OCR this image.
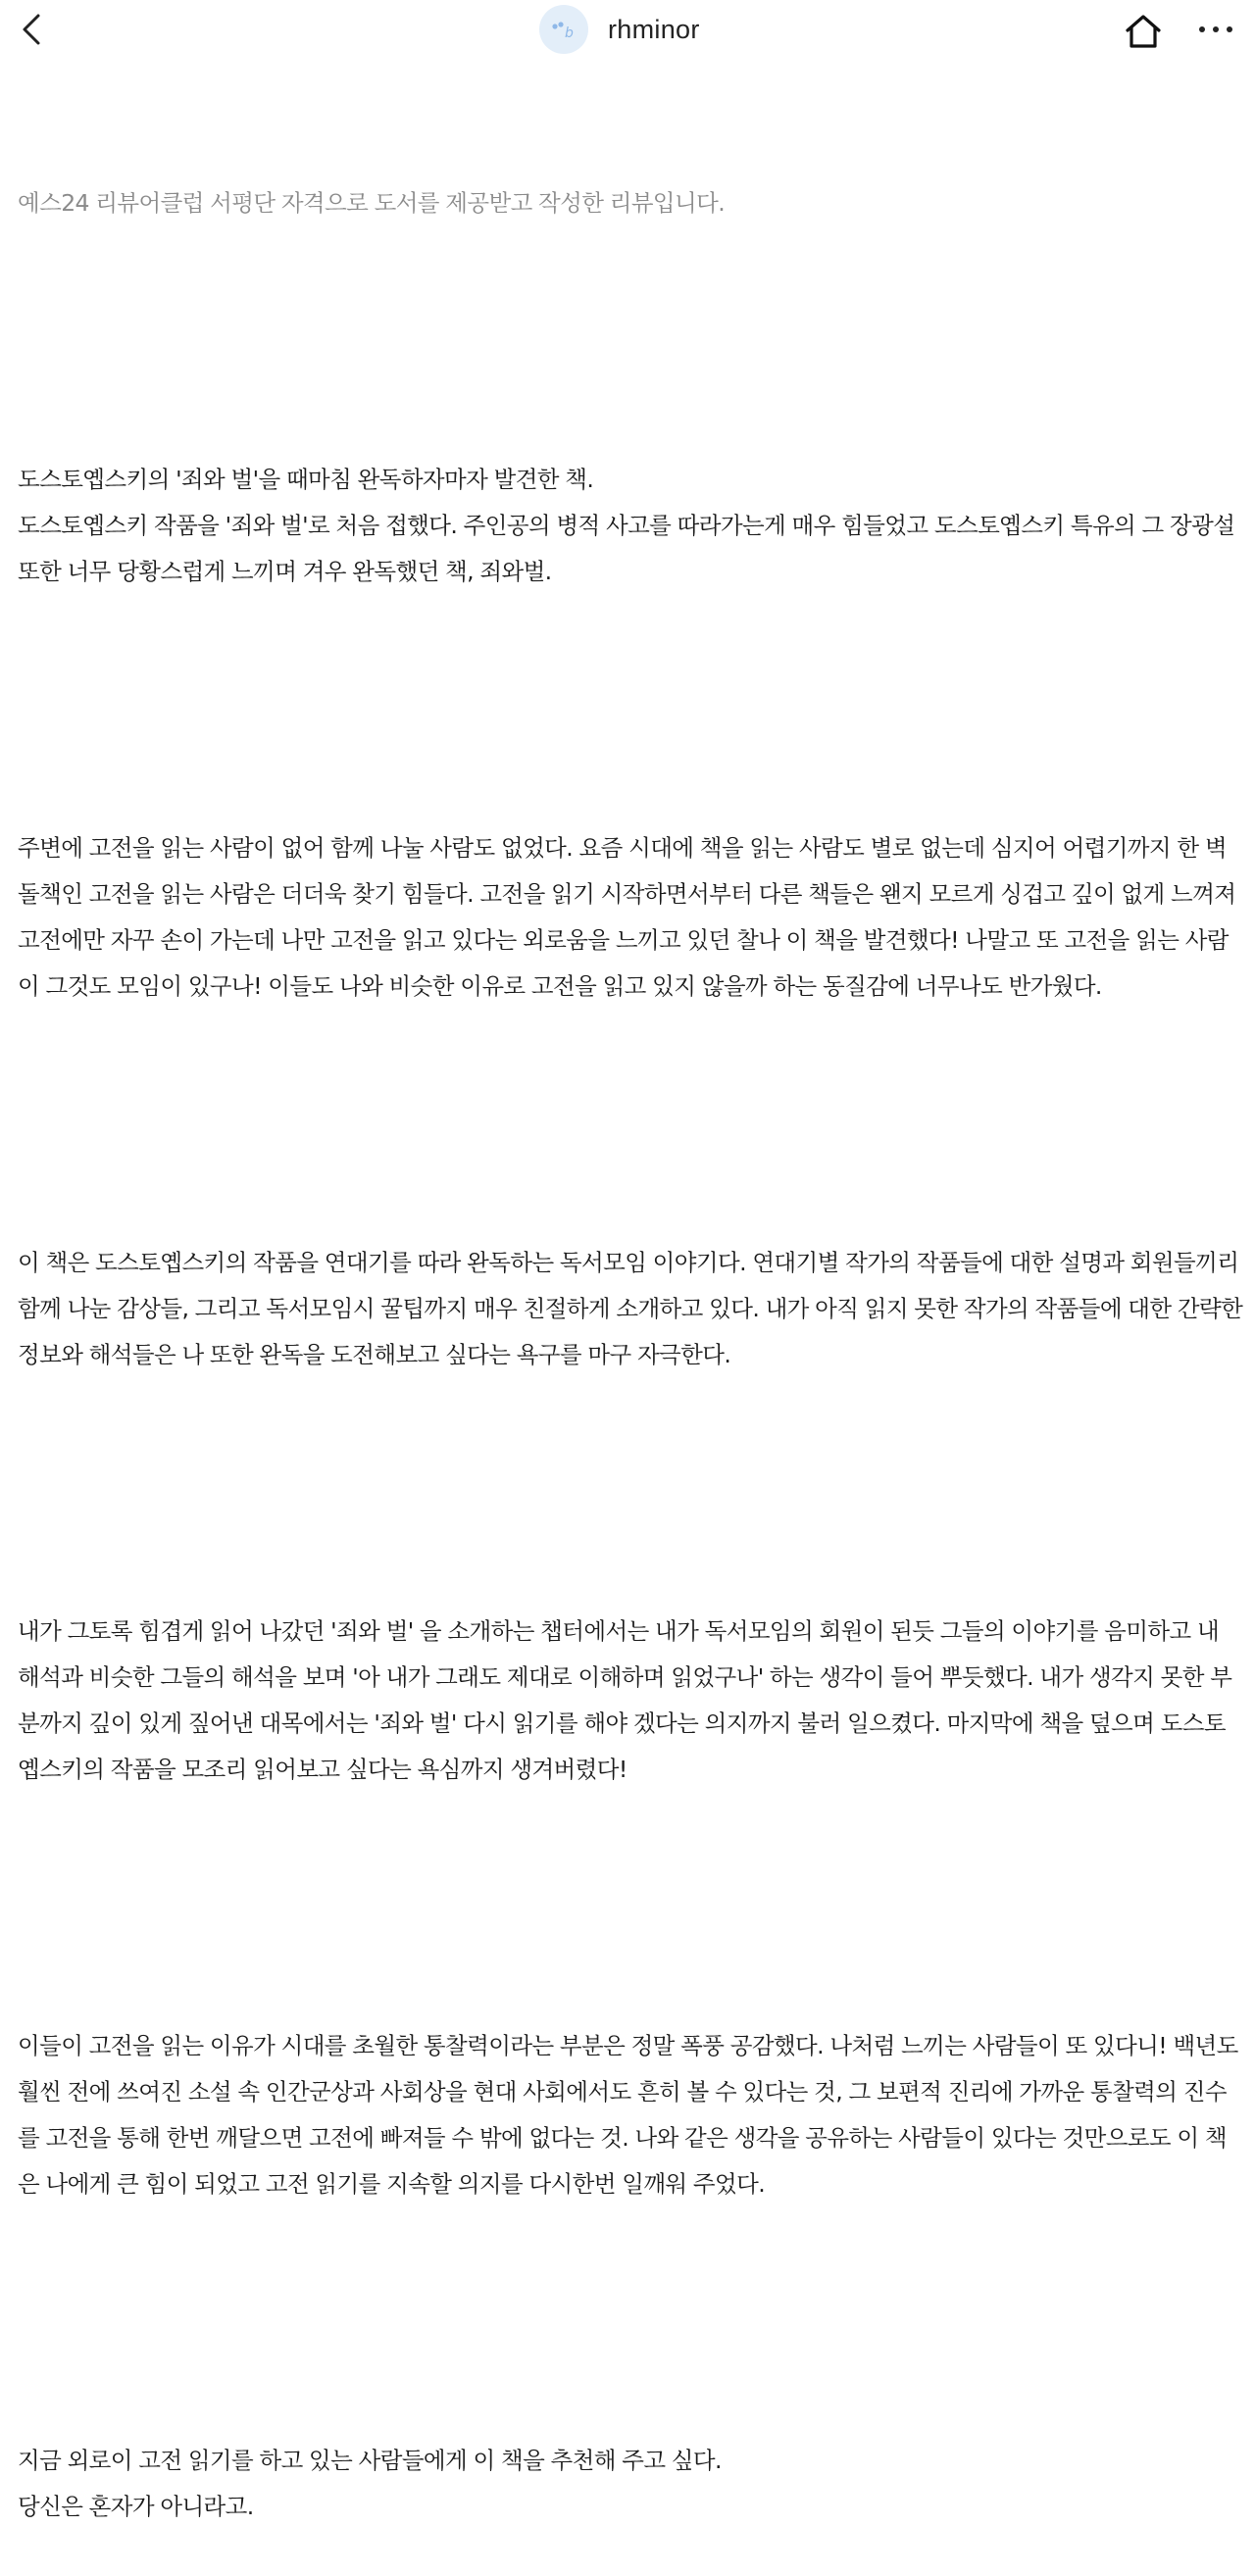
b rhminor

예스24 리뷰어클럽 서평단 자격으로 도서를 제공받고 작성한 리뷰입니다.

도스토옙스키의 '죄와 벌'을 때마침 완독하자마자 발견한 책.
도스토옙스키 작품을 '죄와 벌'로 처음 접했다. 주인공의 병적 사고를 따라가는게 매우 힘들었고 도스토옙스키 특유의 그 장광설 또한 너무 당황스럽게 느끼며 겨우 완독했던 책, 죄와벌.

주변에 고전을 읽는 사람이 없어 함께 나눌 사람도 없었다. 요즘 시대에 책을 읽는 사람도 별로 없는데 심지어 어렵기까지 한 벽돌책인 고전을 읽는 사람은 더더욱 찾기 힘들다. 고전을 읽기 시작하면서부터 다른 책들은 왠지 모르게 싱겁고 깊이 없게 느껴져 고전에만 자꾸 손이 가는데 나만 고전을 읽고 있다는 외로움을 느끼고 있던 찰나 이 책을 발견했다! 나말고 또 고전을 읽는 사람이 그것도 모임이 있구나! 이들도 나와 비슷한 이유로 고전을 읽고 있지 않을까 하는 동질감에 너무나도 반가웠다.

이 책은 도스토옙스키의 작품을 연대기를 따라 완독하는 독서모임 이야기다. 연대기별 작가의 작품들에 대한 설명과 회원들끼리 함께 나눈 감상들, 그리고 독서모임시 꿀팁까지 매우 친절하게 소개하고 있다. 내가 아직 읽지 못한 작가의 작품들에 대한 간략한 정보와 해석들은 나 또한 완독을 도전해보고 싶다는 욕구를 마구 자극한다.

내가 그토록 힘겹게 읽어 나갔던 '죄와 벌' 을 소개하는 챕터에서는 내가 독서모임의 회원이 된듯 그들의 이야기를 음미하고 내 해석과 비슷한 그들의 해석을 보며 '아 내가 그래도 제대로 이해하며 읽었구나' 하는 생각이 들어 뿌듯했다. 내가 생각지 못한 부분까지 깊이 있게 짚어낸 대목에서는 '죄와 벌' 다시 읽기를 해야 겠다는 의지까지 불러 일으켰다. 마지막에 책을 덮으며 도스토옙스키의 작품을 모조리 읽어보고 싶다는 욕심까지 생겨버렸다!

이들이 고전을 읽는 이유가 시대를 초월한 통찰력이라는 부분은 정말 폭풍 공감했다. 나처럼 느끼는 사람들이 또 있다니! 백년도 훨씬 전에 쓰여진 소설 속 인간군상과 사회상을 현대 사회에서도 흔히 볼 수 있다는 것, 그 보편적 진리에 가까운 통찰력의 진수를 고전을 통해 한번 깨달으면 고전에 빠져들 수 밖에 없다는 것. 나와 같은 생각을 공유하는 사람들이 있다는 것만으로도 이 책은 나에게 큰 힘이 되었고 고전 읽기를 지속할 의지를 다시한번 일깨워 주었다.

지금 외로이 고전 읽기를 하고 있는 사람들에게 이 책을 추천해 주고 싶다.
당신은 혼자가 아니라고.
